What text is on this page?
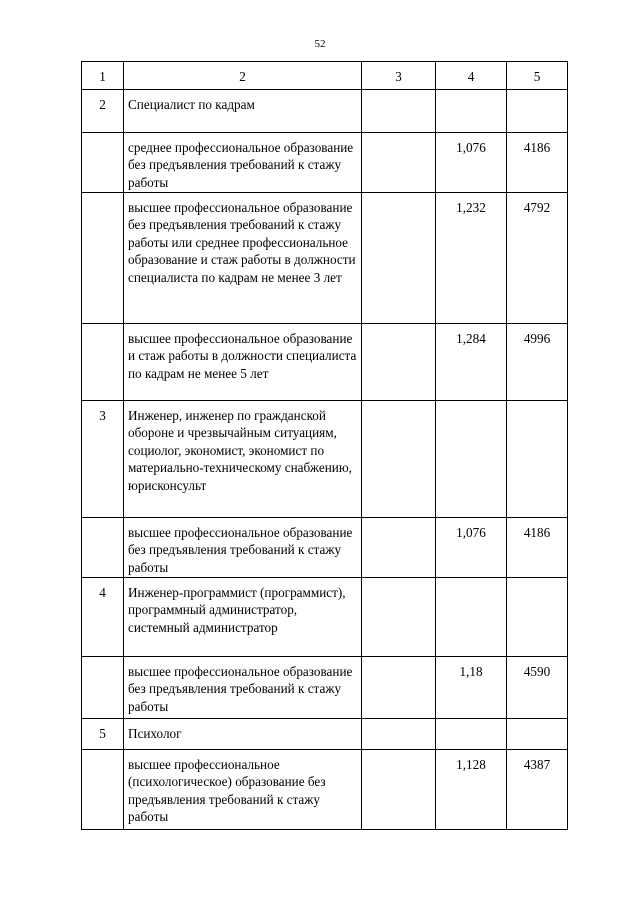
52
1	2	3	4	5
2	Специалист по кадрам			
	среднее профессиональное образование без предъявления требований к стажу работы		1,076	4186
	высшее профессиональное образование без предъявления требований к стажу работы или среднее профессиональное образование и стаж работы в должности специалиста по кадрам не менее 3 лет		1,232	4792
	высшее профессиональное образование и стаж работы в должности специалиста по кадрам не менее 5 лет		1,284	4996
3	Инженер, инженер по гражданской обороне и чрезвычайным ситуациям, социолог, экономист, экономист по материально-техническому снабжению, юрисконсульт			
	высшее профессиональное образование без предъявления требований к стажу работы		1,076	4186
4	Инженер-программист (программист), программный администратор, системный администратор			
	высшее профессиональное образование без предъявления требований к стажу работы		1,18	4590
5	Психолог			
	высшее профессиональное (психологическое) образование без предъявления требований к стажу работы		1,128	4387
